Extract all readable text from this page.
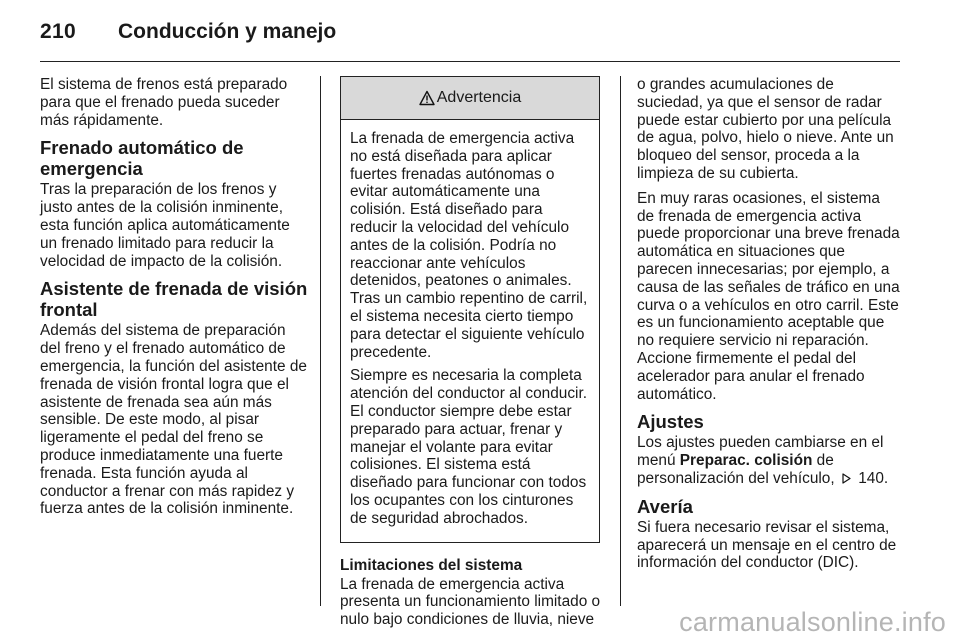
210 Conducción y manejo

El sistema de frenos está preparado para que el frenado pueda suceder más rápidamente.

Frenado automático de emergencia

Tras la preparación de los frenos y justo antes de la colisión inminente, esta función aplica automáticamente un frenado limitado para reducir la velocidad de impacto de la colisión.

Asistente de frenada de visión frontal

Además del sistema de preparación del freno y el frenado automático de emergencia, la función del asistente de frenada de visión frontal logra que el asistente de frenada sea aún más sensible. De este modo, al pisar ligeramente el pedal del freno se produce inmediatamente una fuerte frenada. Esta función ayuda al conductor a frenar con más rapidez y fuerza antes de la colisión inminente.

Advertencia

La frenada de emergencia activa no está diseñada para aplicar fuertes frenadas autónomas o evitar automáticamente una colisión. Está diseñado para reducir la velocidad del vehículo antes de la colisión. Podría no reaccionar ante vehículos detenidos, peatones o animales. Tras un cambio repentino de carril, el sistema necesita cierto tiempo para detectar el siguiente vehículo precedente.

Siempre es necesaria la completa atención del conductor al conducir. El conductor siempre debe estar preparado para actuar, frenar y manejar el volante para evitar colisiones. El sistema está diseñado para funcionar con todos los ocupantes con los cinturones de seguridad abrochados.

Limitaciones del sistema

La frenada de emergencia activa presenta un funcionamiento limitado o nulo bajo condiciones de lluvia, nieve

o grandes acumulaciones de suciedad, ya que el sensor de radar puede estar cubierto por una película de agua, polvo, hielo o nieve. Ante un bloqueo del sensor, proceda a la limpieza de su cubierta.

En muy raras ocasiones, el sistema de frenada de emergencia activa puede proporcionar una breve frenada automática en situaciones que parecen innecesarias; por ejemplo, a causa de las señales de tráfico en una curva o a vehículos en otro carril. Este es un funcionamiento aceptable que no requiere servicio ni reparación. Accione firmemente el pedal del acelerador para anular el frenado automático.

Ajustes

Los ajustes pueden cambiarse en el menú Preparac. colisión de personalización del vehículo, 140.

Avería

Si fuera necesario revisar el sistema, aparecerá un mensaje en el centro de información del conductor (DIC).

carmanualsonline.info
